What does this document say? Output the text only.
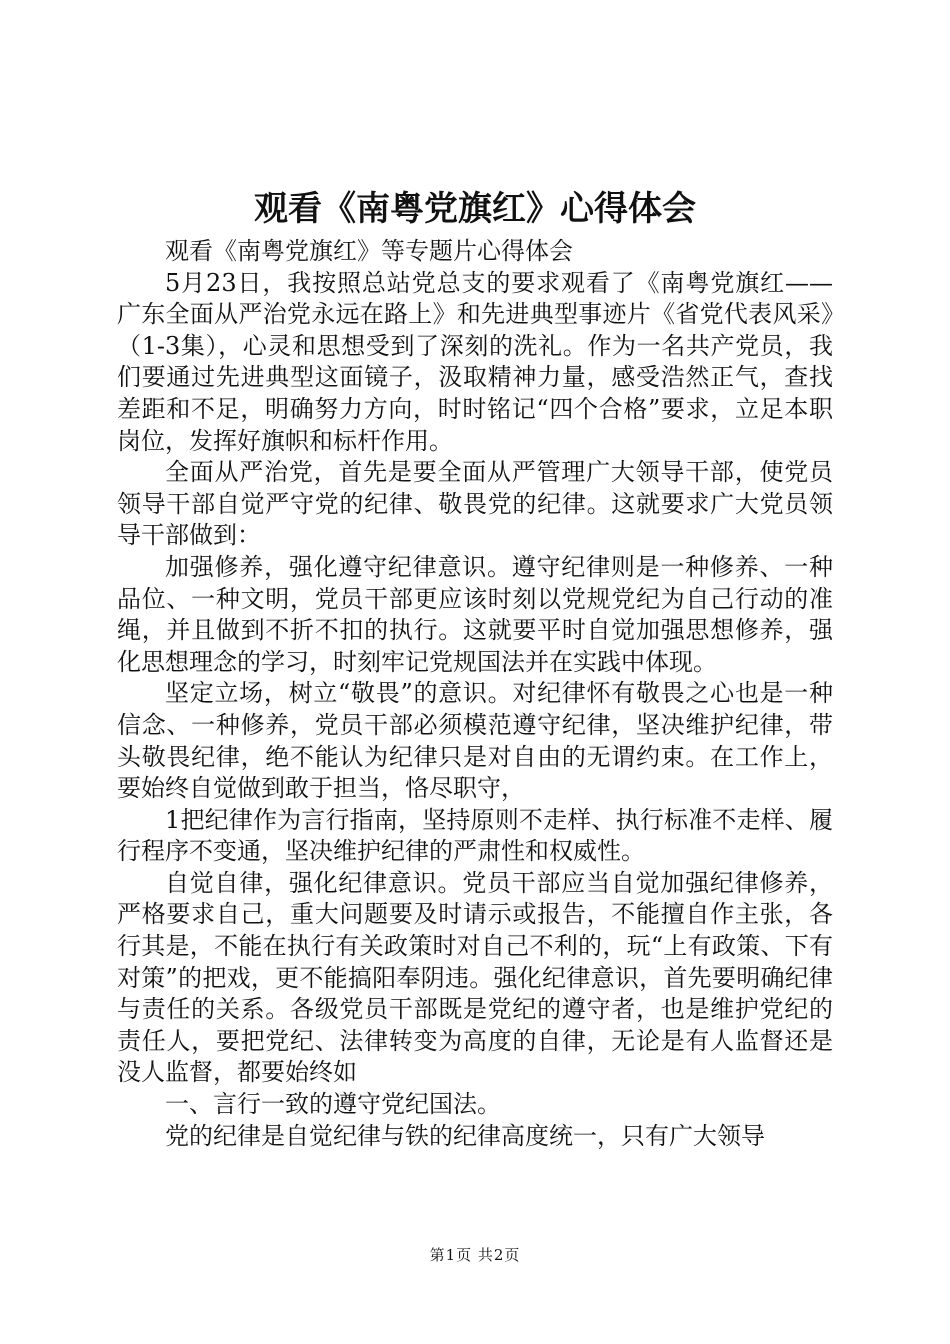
观看《南粤党旗红》心得体会

观看《南粤党旗红》等专题片心得体会

5月23日，我按照总站党总支的要求观看了《南粤党旗红——广东全面从严治党永远在路上》和先进典型事迹片《省党代表风采》（1-3集），心灵和思想受到了深刻的洗礼。作为一名共产党员，我们要通过先进典型这面镜子，汲取精神力量，感受浩然正气，查找差距和不足，明确努力方向，时时铭记“四个合格”要求，立足本职岗位，发挥好旗帜和标杆作用。

全面从严治党，首先是要全面从严管理广大领导干部，使党员领导干部自觉严守党的纪律、敬畏党的纪律。这就要求广大党员领导干部做到：

加强修养，强化遵守纪律意识。遵守纪律则是一种修养、一种品位、一种文明，党员干部更应该时刻以党规党纪为自己行动的准绳，并且做到不折不扣的执行。这就要平时自觉加强思想修养，强化思想理念的学习，时刻牢记党规国法并在实践中体现。

坚定立场，树立“敬畏”的意识。对纪律怀有敬畏之心也是一种信念、一种修养，党员干部必须模范遵守纪律，坚决维护纪律，带头敬畏纪律，绝不能认为纪律只是对自由的无谓约束。在工作上，要始终自觉做到敢于担当，恪尽职守，

1把纪律作为言行指南，坚持原则不走样、执行标准不走样、履行程序不变通，坚决维护纪律的严肃性和权威性。

自觉自律，强化纪律意识。党员干部应当自觉加强纪律修养，严格要求自己，重大问题要及时请示或报告，不能擅自作主张，各行其是，不能在执行有关政策时对自己不利的，玩“上有政策、下有对策”的把戏，更不能搞阳奉阴违。强化纪律意识，首先要明确纪律与责任的关系。各级党员干部既是党纪的遵守者，也是维护党纪的责任人，要把党纪、法律转变为高度的自律，无论是有人监督还是没人监督，都要始终如

一、言行一致的遵守党纪国法。

党的纪律是自觉纪律与铁的纪律高度统一，只有广大领导

第1页 共2页
